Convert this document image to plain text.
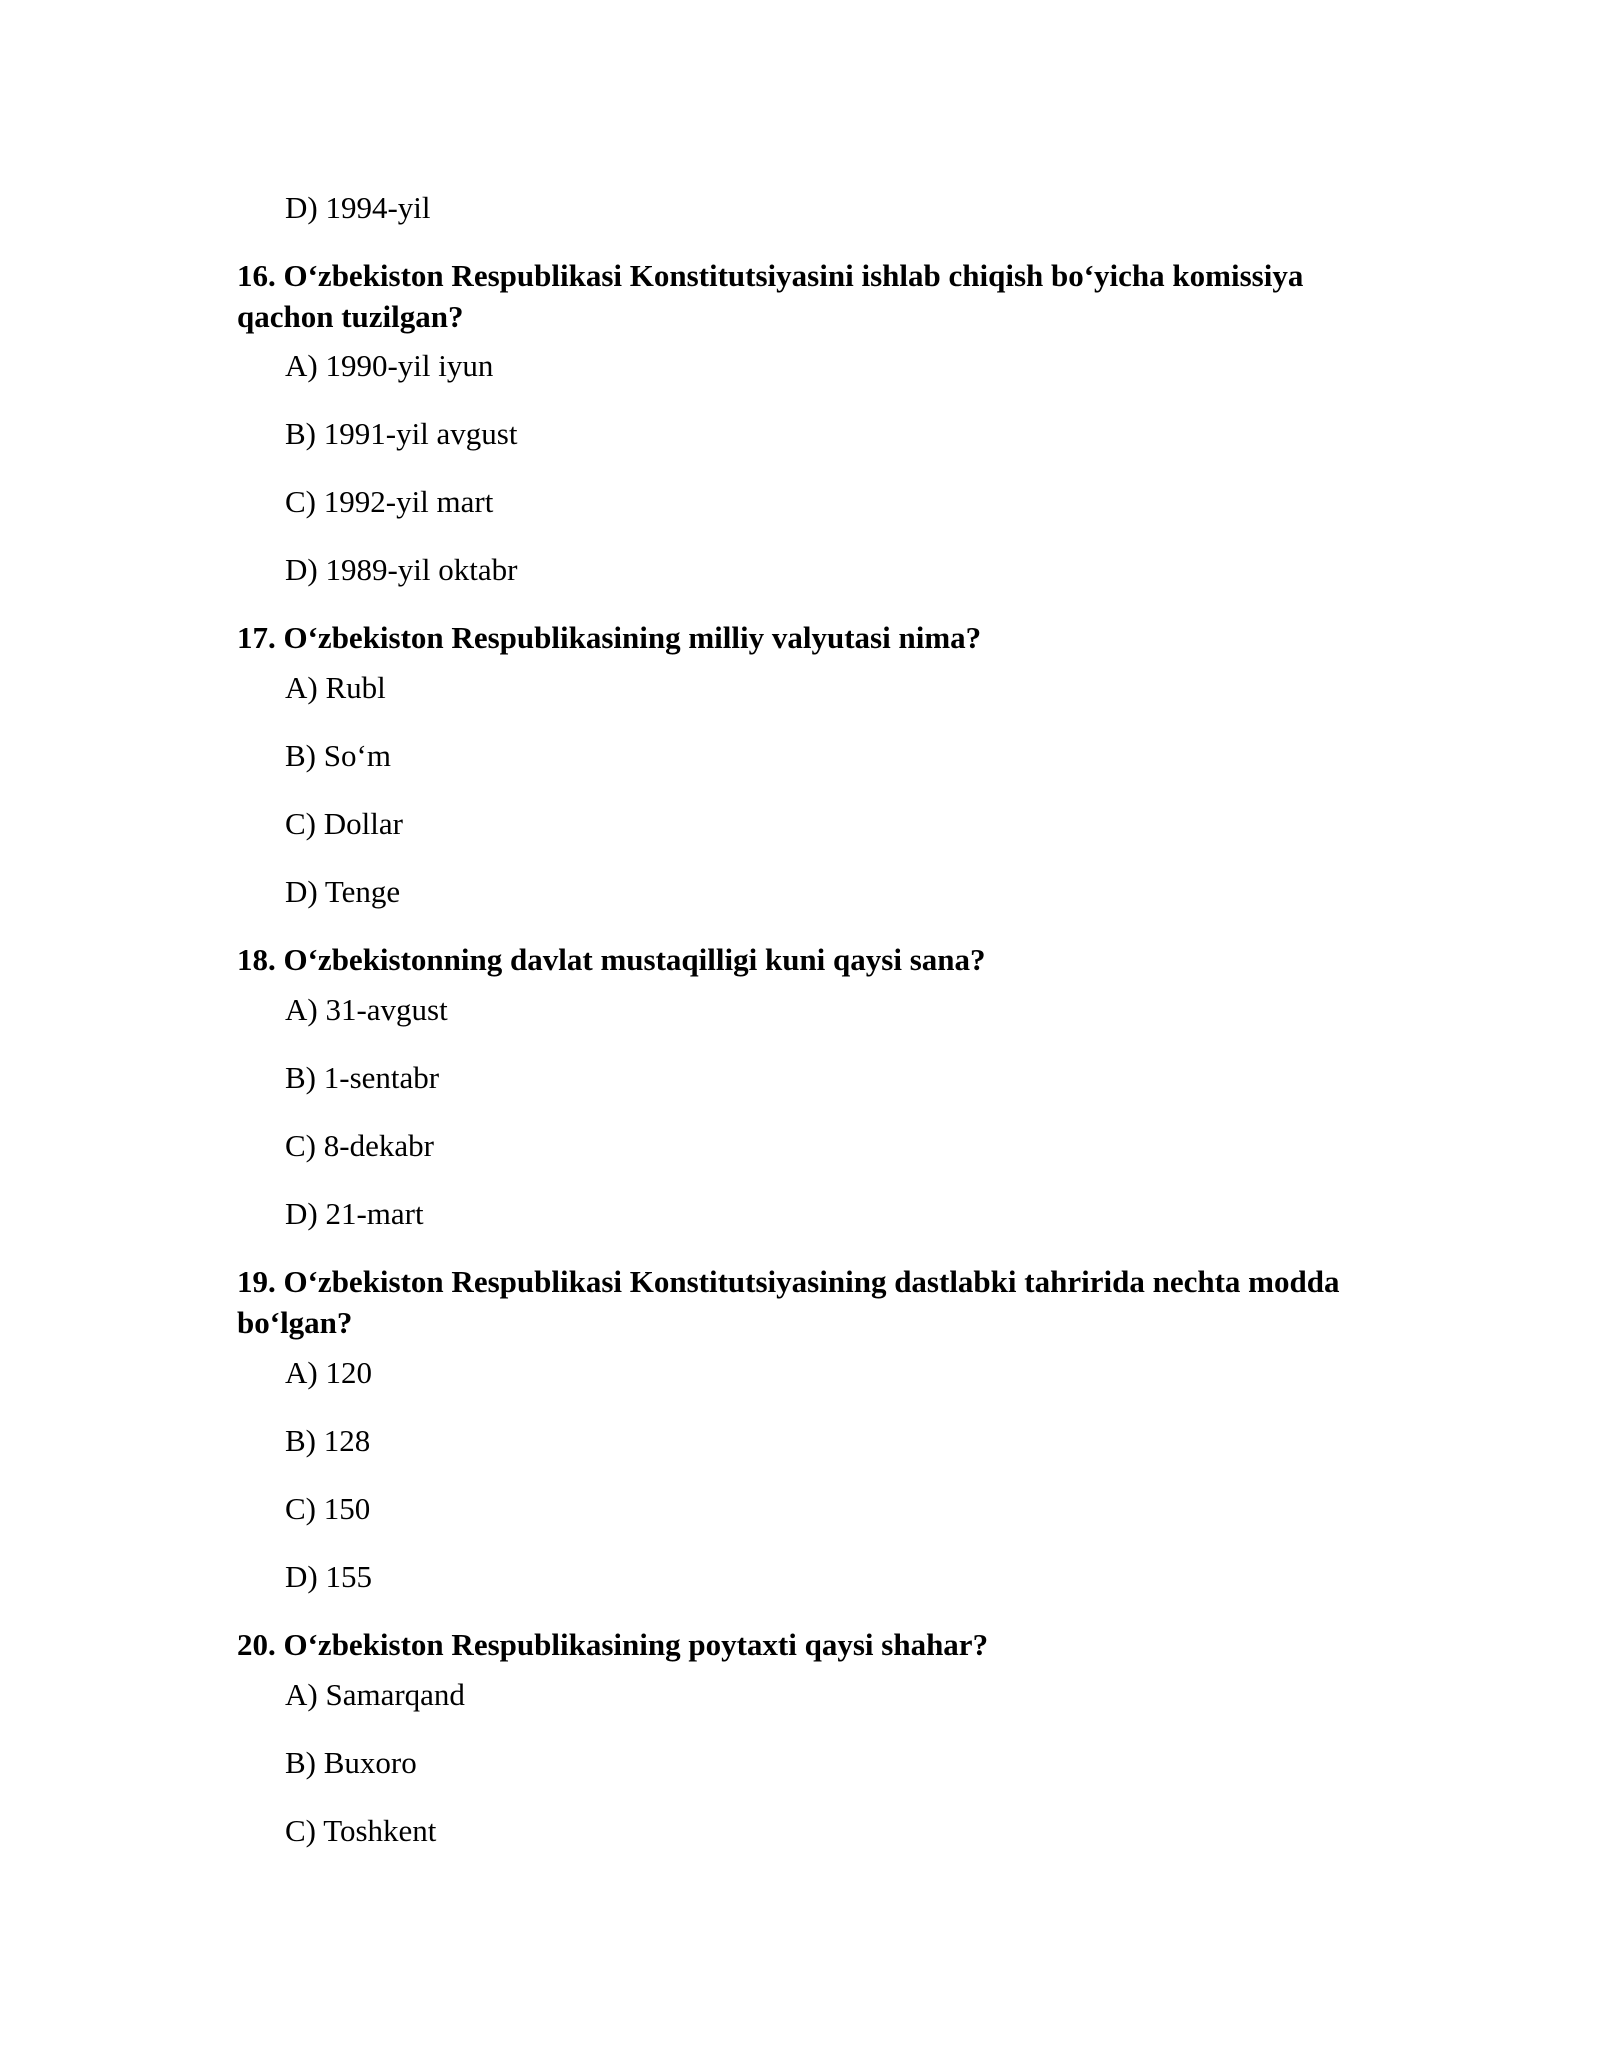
D) 1994-yil
16. O‘zbekiston Respublikasi Konstitutsiyasini ishlab chiqish bo‘yicha komissiya
qachon tuzilgan?
A) 1990-yil iyun
B) 1991-yil avgust
C) 1992-yil mart
D) 1989-yil oktabr
17. O‘zbekiston Respublikasining milliy valyutasi nima?
A) Rubl
B) So‘m
C) Dollar
D) Tenge
18. O‘zbekistonning davlat mustaqilligi kuni qaysi sana?
A) 31-avgust
B) 1-sentabr
C) 8-dekabr
D) 21-mart
19. O‘zbekiston Respublikasi Konstitutsiyasining dastlabki tahririda nechta modda
bo‘lgan?
A) 120
B) 128
C) 150
D) 155
20. O‘zbekiston Respublikasining poytaxti qaysi shahar?
A) Samarqand
B) Buxoro
C) Toshkent
